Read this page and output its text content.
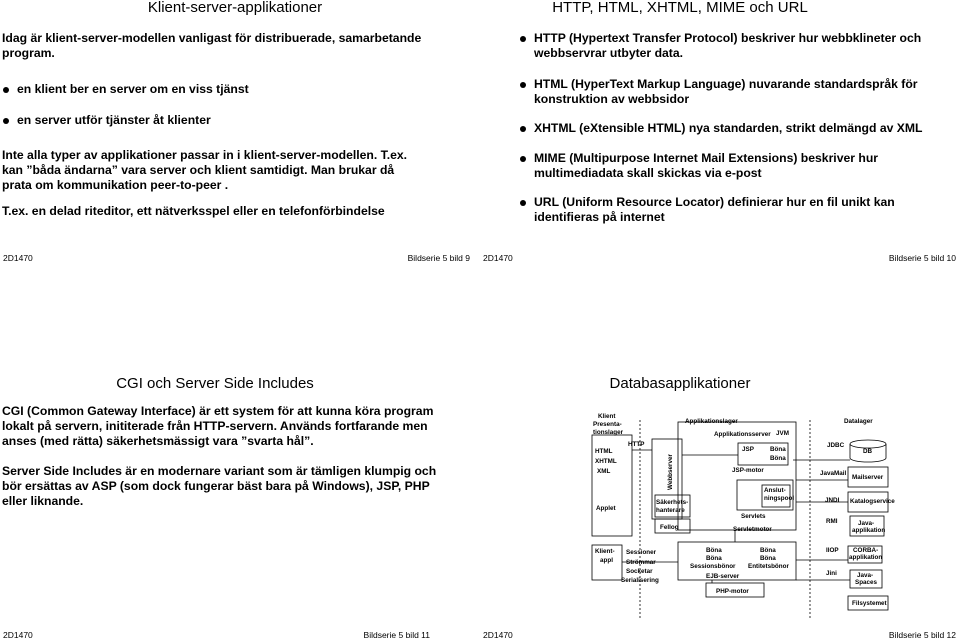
Klient-server-applikationer
Idag är klient-server-modellen vanligast för distribuerade, samarbetande program.
en klient ber en server om en viss tjänst
en server utför tjänster åt klienter
Inte alla typer av applikationer passar in i klient-server-modellen. T.ex. kan ”båda ändarna” vara server och klient samtidigt. Man brukar då prata om kommunikation peer-to-peer .
T.ex. en delad riteditor, ett nätverksspel eller en telefonförbindelse
2D1470	Bildserie 5 bild 9
HTTP, HTML, XHTML, MIME och URL
HTTP (Hypertext Transfer Protocol) beskriver hur webbklineter och webbservrar utbyter data.
HTML (HyperText Markup Language) nuvarande standardspråk för konstruktion av webbsidor
XHTML (eXtensible HTML) nya standarden, strikt delmängd av XML
MIME (Multipurpose Internet Mail Extensions) beskriver hur multimediadata skall skickas via e-post
URL (Uniform Resource Locator) definierar hur en fil unikt kan identifieras på internet
2D1470	Bildserie 5 bild 10
CGI och Server Side Includes
CGI (Common Gateway Interface) är ett system för att kunna köra program lokalt på servern, inititerade från HTTP-servern. Används fortfarande men anses (med rätta) säkerhetsmässigt vara ”svarta hål”.
Server Side Includes är en modernare variant som är tämligen klumpig och bör ersättas av ASP (som dock fungerar bäst bara på Windows), JSP, PHP eller liknande.
2D1470	Bildserie 5 bild 11
Databasapplikationer
Klient
Presenta-
tionslager
HTML
XHTML
XML
Applet
HTTP
Webbserver
Applikationslager
Applikationsserver JVM
JSP	Böna
Böna
JSP-motor
Säkerhets-
hanterare
Anslut-
ningspool
Servlets
Fellog	Servletmotor
Datalager
JDBC
DB
JavaMail
Mailserver
JNDI Katalogservice
RMI	Java-
applikation
Klient-
appl
Sessioner
Strömmar
Socketar
Serialisering
Böna
Böna
Böna
Böna
Sessionsbönor Entitetsbönor
EJB-server
PHP-motor
IIOP CORBA-
applikation
Jini	Java-
Spaces
Filsystemet
2D1470	Bildserie 5 bild 12
